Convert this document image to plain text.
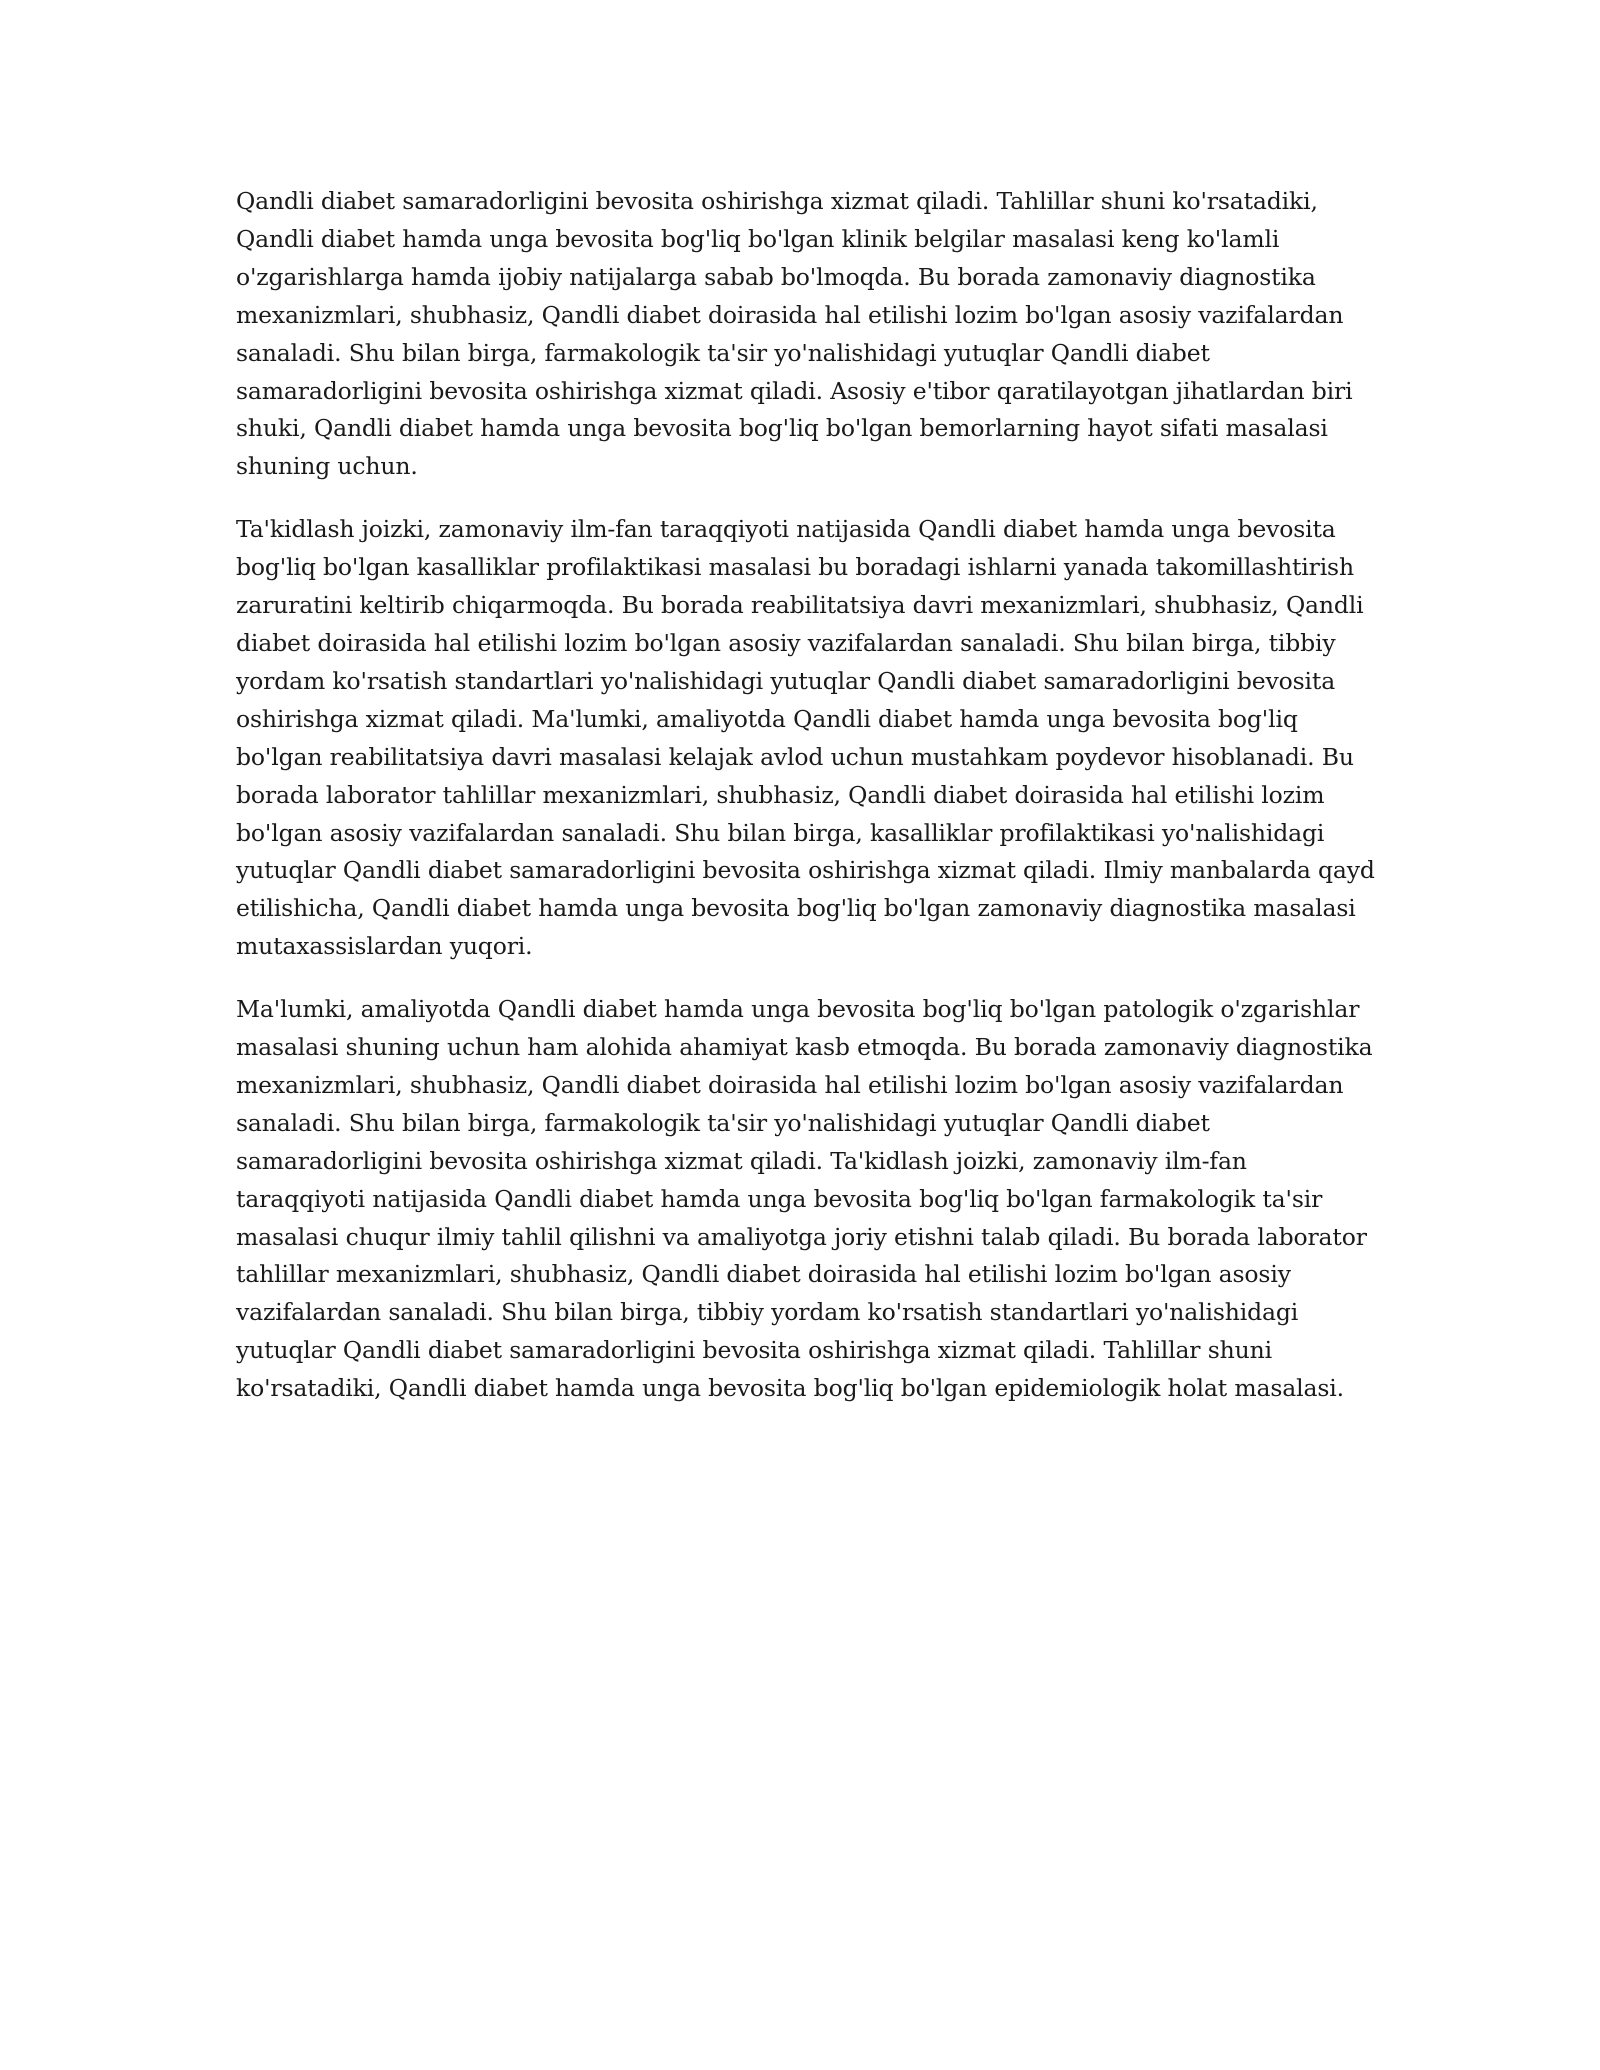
Qandli diabet samaradorligini bevosita oshirishga xizmat qiladi. Tahlillar shuni ko'rsatadiki, Qandli diabet hamda unga bevosita bog'liq bo'lgan klinik belgilar masalasi keng ko'lamli o'zgarishlarga hamda ijobiy natijalarga sabab bo'lmoqda. Bu borada zamonaviy diagnostika mexanizmlari, shubhasiz, Qandli diabet doirasida hal etilishi lozim bo'lgan asosiy vazifalardan sanaladi. Shu bilan birga, farmakologik ta'sir yo'nalishidagi yutuqlar Qandli diabet samaradorligini bevosita oshirishga xizmat qiladi. Asosiy e'tibor qaratilayotgan jihatlardan biri shuki, Qandli diabet hamda unga bevosita bog'liq bo'lgan bemorlarning hayot sifati masalasi shuning uchun.

Ta'kidlash joizki, zamonaviy ilm-fan taraqqiyoti natijasida Qandli diabet hamda unga bevosita bog'liq bo'lgan kasalliklar profilaktikasi masalasi bu boradagi ishlarni yanada takomillashtirish zaruratini keltirib chiqarmoqda. Bu borada reabilitatsiya davri mexanizmlari, shubhasiz, Qandli diabet doirasida hal etilishi lozim bo'lgan asosiy vazifalardan sanaladi. Shu bilan birga, tibbiy yordam ko'rsatish standartlari yo'nalishidagi yutuqlar Qandli diabet samaradorligini bevosita oshirishga xizmat qiladi. Ma'lumki, amaliyotda Qandli diabet hamda unga bevosita bog'liq bo'lgan reabilitatsiya davri masalasi kelajak avlod uchun mustahkam poydevor hisoblanadi. Bu borada laborator tahlillar mexanizmlari, shubhasiz, Qandli diabet doirasida hal etilishi lozim bo'lgan asosiy vazifalardan sanaladi. Shu bilan birga, kasalliklar profilaktikasi yo'nalishidagi yutuqlar Qandli diabet samaradorligini bevosita oshirishga xizmat qiladi. Ilmiy manbalarda qayd etilishicha, Qandli diabet hamda unga bevosita bog'liq bo'lgan zamonaviy diagnostika masalasi mutaxassislardan yuqori.

Ma'lumki, amaliyotda Qandli diabet hamda unga bevosita bog'liq bo'lgan patologik o'zgarishlar masalasi shuning uchun ham alohida ahamiyat kasb etmoqda. Bu borada zamonaviy diagnostika mexanizmlari, shubhasiz, Qandli diabet doirasida hal etilishi lozim bo'lgan asosiy vazifalardan sanaladi. Shu bilan birga, farmakologik ta'sir yo'nalishidagi yutuqlar Qandli diabet samaradorligini bevosita oshirishga xizmat qiladi. Ta'kidlash joizki, zamonaviy ilm-fan taraqqiyoti natijasida Qandli diabet hamda unga bevosita bog'liq bo'lgan farmakologik ta'sir masalasi chuqur ilmiy tahlil qilishni va amaliyotga joriy etishni talab qiladi. Bu borada laborator tahlillar mexanizmlari, shubhasiz, Qandli diabet doirasida hal etilishi lozim bo'lgan asosiy vazifalardan sanaladi. Shu bilan birga, tibbiy yordam ko'rsatish standartlari yo'nalishidagi yutuqlar Qandli diabet samaradorligini bevosita oshirishga xizmat qiladi. Tahlillar shuni ko'rsatadiki, Qandli diabet hamda unga bevosita bog'liq bo'lgan epidemiologik holat masalasi.
